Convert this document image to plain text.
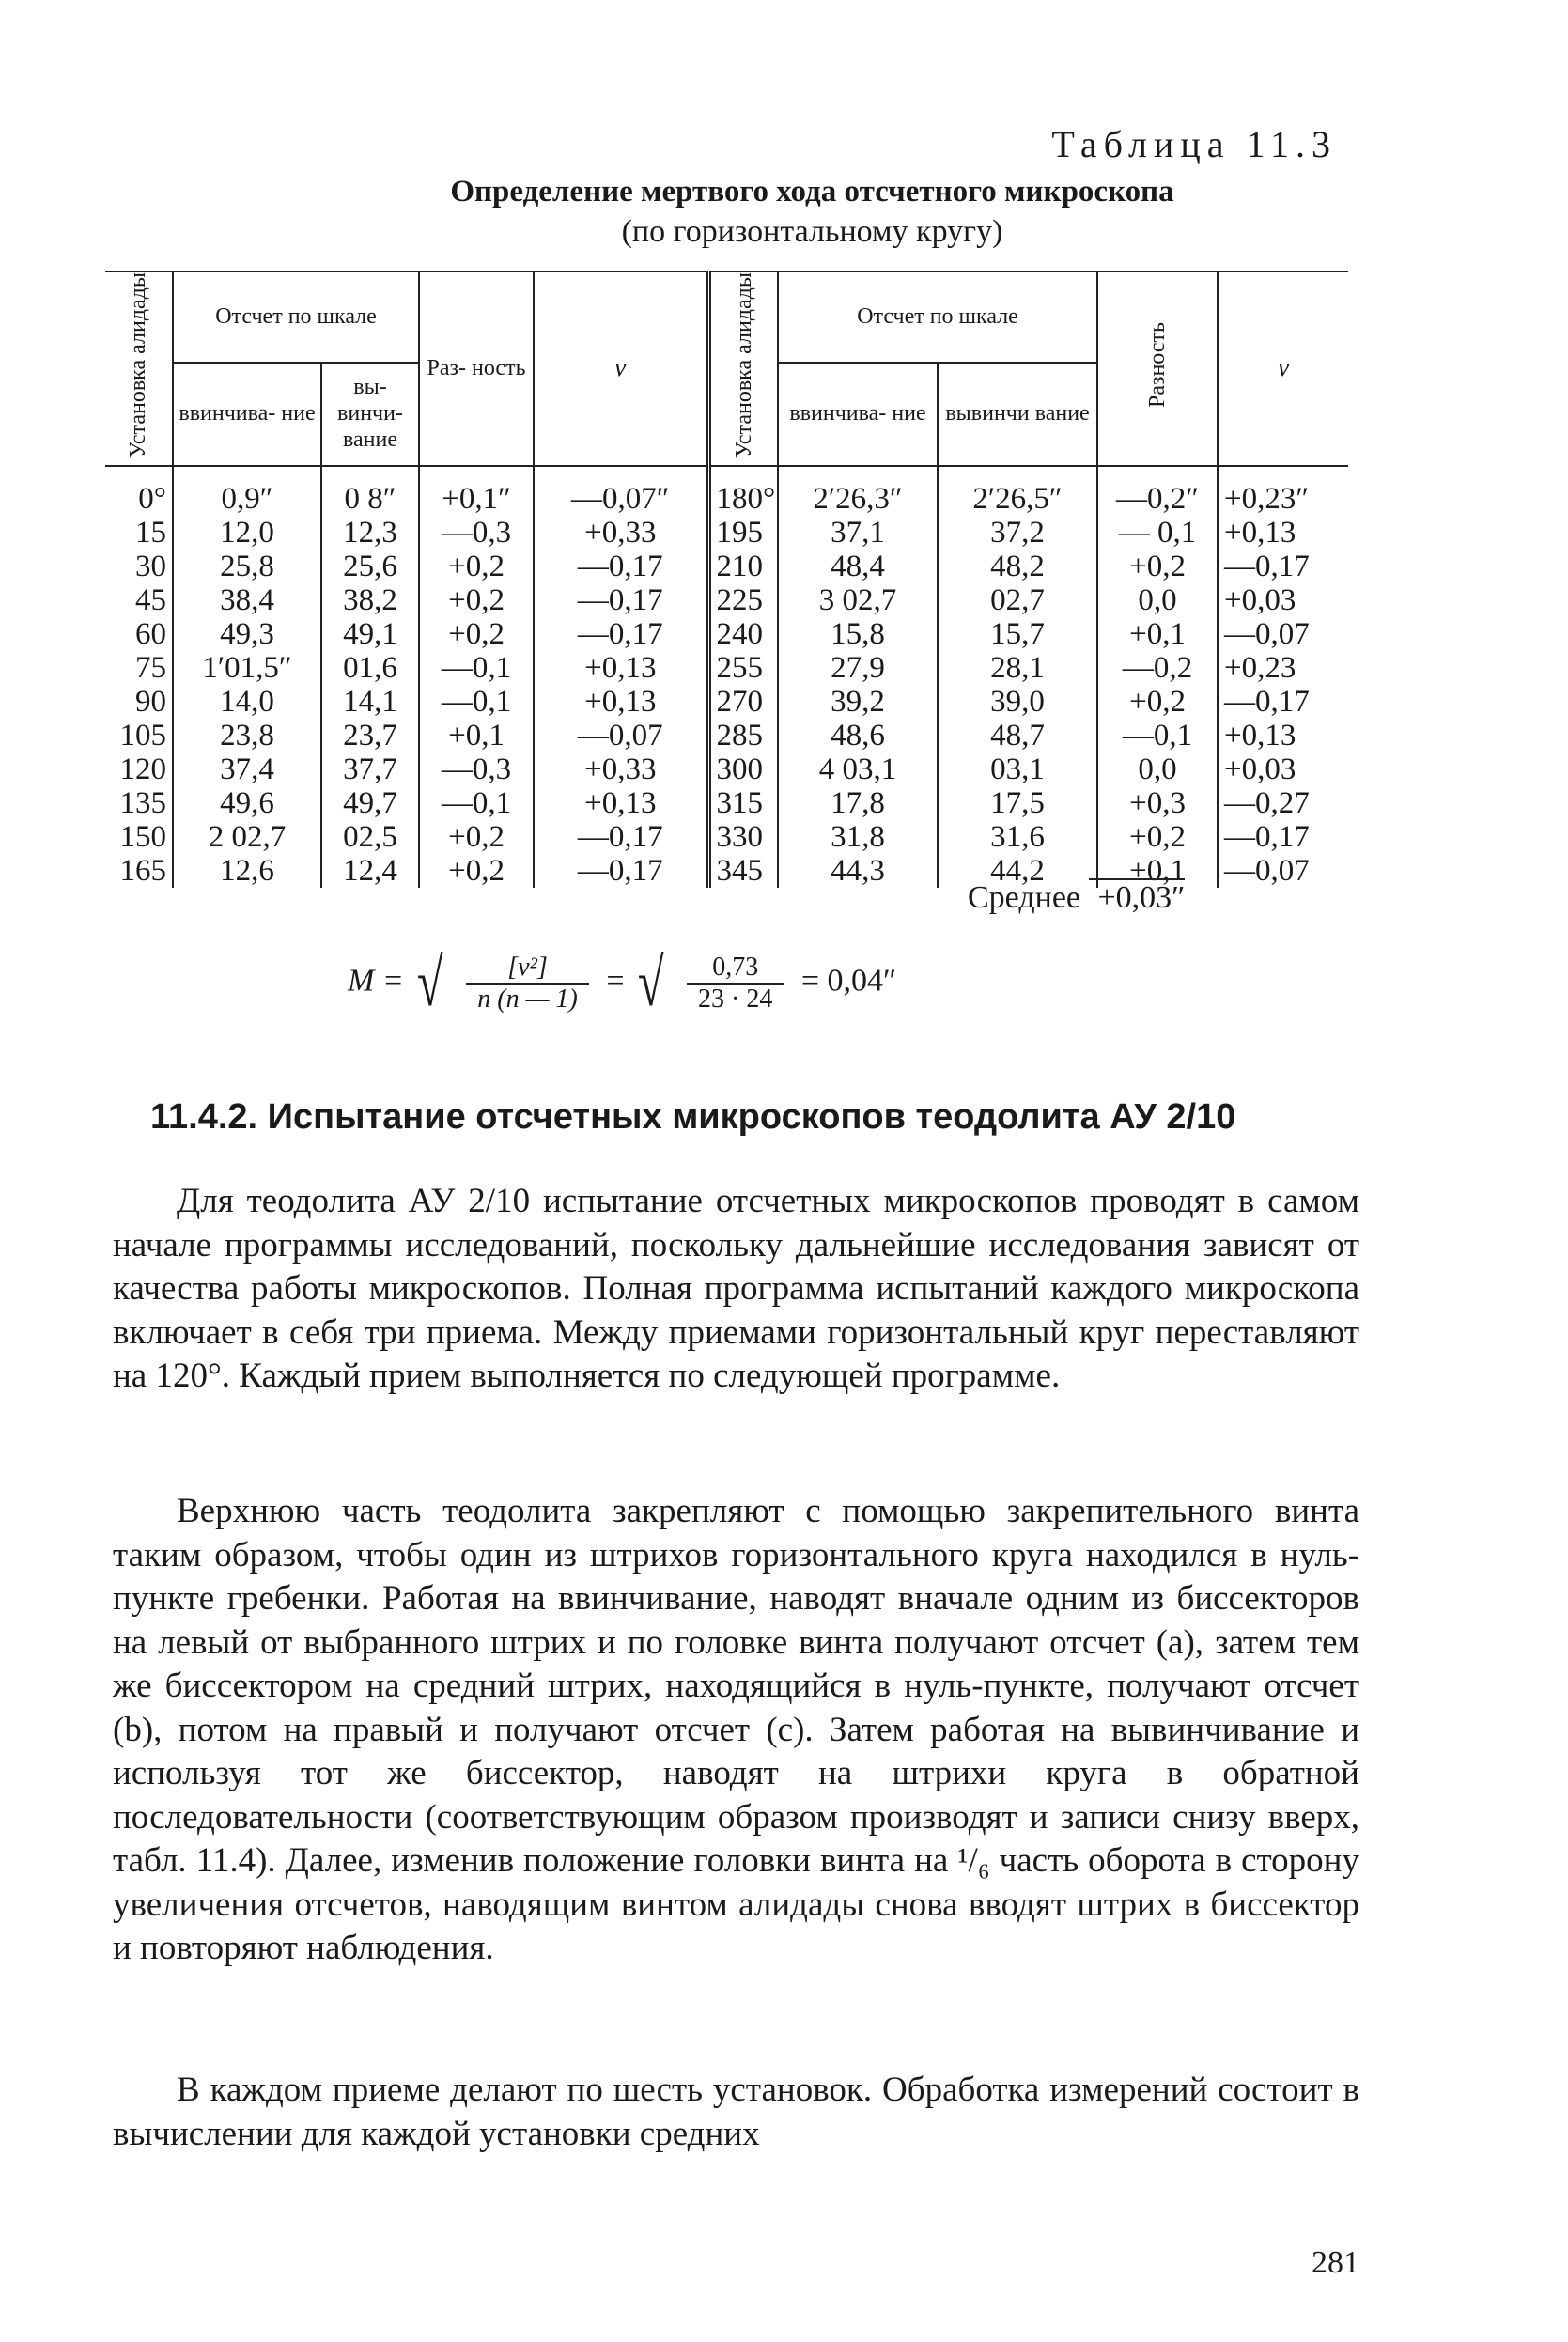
Таблица 11.3
Определение мертвого хода отсчетного микроскопа
(по горизонтальному кругу)
Установка алидады	Отсчет по шкале		Раз- ность	v	Установка алидады	Отсчет по шкале		Разность	v
	ввинчива- ние	вы- винчи- вание				ввинчива- ние	вывинчи вание		
0°	0,9″	0 8″	+0,1″	—0,07″	180°	2′26,3″	2′26,5″	—0,2″	+0,23″
15	12,0	12,3	—0,3	+0,33	195	37,1	37,2	— 0,1	+0,13
30	25,8	25,6	+0,2	—0,17	210	48,4	48,2	+0,2	—0,17
45	38,4	38,2	+0,2	—0,17	225	3 02,7	02,7	0,0	+0,03
60	49,3	49,1	+0,2	—0,17	240	15,8	15,7	+0,1	—0,07
75	1′01,5″	01,6	—0,1	+0,13	255	27,9	28,1	—0,2	+0,23
90	14,0	14,1	—0,1	+0,13	270	39,2	39,0	+0,2	—0,17
105	23,8	23,7	+0,1	—0,07	285	48,6	48,7	—0,1	+0,13
120	37,4	37,7	—0,3	+0,33	300	4 03,1	03,1	0,0	+0,03
135	49,6	49,7	—0,1	+0,13	315	17,8	17,5	+0,3	—0,27
150	2 02,7	02,5	+0,2	—0,17	330	31,8	31,6	+0,2	—0,17
165	12,6	12,4	+0,2	—0,17	345	44,3	44,2	+0,1	—0,07
Среднее +0,03″
M = √ $\frac{\text{[v²]}}{n (n — 1)}$ = √ $\frac{0,73}{23 \cdot 24} = 0,04''$
11.4.2. Испытание отсчетных микроскопов теодолита АУ 2/10
Для теодолита АУ 2/10 испытание отсчетных микроскопов проводят в самом начале программы исследований, поскольку дальнейшие исследования зависят от качества работы микроскопов. Полная программа испытаний каждого микроскопа включает в себя три приема. Между приемами горизонтальный круг переставляют на 120°. Каждый прием выполняется по следующей программе.
Верхнюю часть теодолита закрепляют с помощью закрепительного винта таким образом, чтобы один из штрихов горизонтального круга находился в нуль-пункте гребенки. Работая на ввинчивание, наводят вначале одним из биссекторов на левый от выбранного штрих и по головке винта получают отсчет (a), затем тем же биссектором на средний штрих, находящийся в нуль-пункте, получают отсчет (b), потом на правый и получают отсчет (c). Затем работая на вывинчивание и используя тот же биссектор, наводят на штрихи круга в обратной последовательности (соответствующим образом производят и записи снизу вверх, табл. 11.4). Далее, изменив положение головки винта на ¹/₆ часть оборота в сторону увеличения отсчетов, наводящим винтом алидады снова вводят штрих в биссектор и повторяют наблюдения.
В каждом приеме делают по шесть установок. Обработка измерений состоит в вычислении для каждой установки средних
281
